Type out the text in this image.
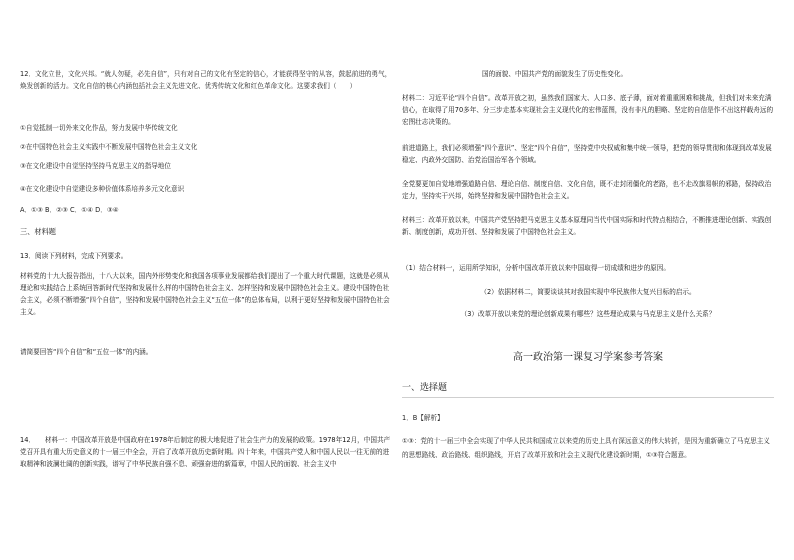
12．文化立世，文化兴邦。“就人勿疑，必先自信”，只有对自己的文化有坚定的信心，才能获得坚守的从容，鼓起前进的勇气，焕发创新的活力。文化自信的核心内涵包括社会主义先进文化、优秀传统文化和红色革命文化。这要求我们（　　）

①自觉抵制一切外来文化作品，努力发展中华传统文化

②在中国特色社会主义实践中不断发展中国特色社会主义文化

③在文化建设中自觉坚持坚持马克思主义的指导地位

④在文化建设中自觉建设多种价值体系培养多元文化意识

A．①③ B．②③ C．①④ D．③④

三、材料题

13．阅读下列材料，完成下列要求。

材料党的十九大报告指出，十八大以来，国内外形势变化和我国各项事业发展都给我们提出了一个重大时代课题，这就是必须从理论和实践结合上系统回答新时代坚持和发展什么样的中国特色社会主义、怎样坚持和发展中国特色社会主义。建设中国特色社会主义，必须不断增强“四个自信”，坚持和发展中国特色社会主义“五位一体”的总体布局，以利于更好坚持和发展中国特色社会主义。

请简要回答“四个自信”和“五位一体”的内涵。

14．　　材料一：中国改革开放是中国政府在1978年后制定的极大地促进了社会生产力的发展的政策。1978年12月，中国共产党召开具有重大历史意义的十一届三中全会，开启了改革开放历史新时期。四十年来，中国共产党人和中国人民以一往无前的进取精神和波澜壮阔的创新实践，谱写了中华民族自强不息、顽强奋进的新篇章，中国人民的面貌、社会主义中

国的面貌、中国共产党的面貌发生了历史性变化。

材料二：习近平论“四个自信”。改革开放之初，虽然我们国家大、人口多、底子薄，面对着重重困难和挑战，但我们对未来充满信心，在取得了用70多年、分三步走基本实现社会主义现代化的宏伟蓝图，没有非凡的胆略、坚定的自信是作不出这样载舟远的宏图壮志决策的。

前进道路上，我们必须增强“四个意识”、坚定“四个自信”，坚持党中央权威和集中统一领导，把党的领导贯彻和体现到改革发展稳定、内政外交国防、治党治国治军各个领域。

全党要更加自觉地增强道路自信、理论自信、制度自信、文化自信，既不走封闭僵化的老路，也不走改旗易帜的邪路，保持政治定力，坚持实干兴邦，始终坚持和发展中国特色社会主义。

材料三：改革开放以来，中国共产党坚持把马克思主义基本原理同当代中国实际和时代特点相结合，不断推进理论创新、实践创新、制度创新，成功开创、坚持和发展了中国特色社会主义。

（1）结合材料一，运用所学知识，分析中国改革开放以来中国取得一切成绩和进步的原因。

（2）依据材料二，简要谈谈其对我国实现中华民族伟大复兴目标的启示。

（3）改革开放以来党的理论创新成果有哪些？这些理论成果与马克思主义是什么关系？

高一政治第一课复习学案参考答案

一、选择题

1．B【解析】

①③：党的十一届三中全会实现了中华人民共和国成立以来党的历史上具有深远意义的伟大转折，是因为重新确立了马克思主义的思想路线、政治路线、组织路线，开启了改革开放和社会主义现代化建设新时期，①③符合题意。
